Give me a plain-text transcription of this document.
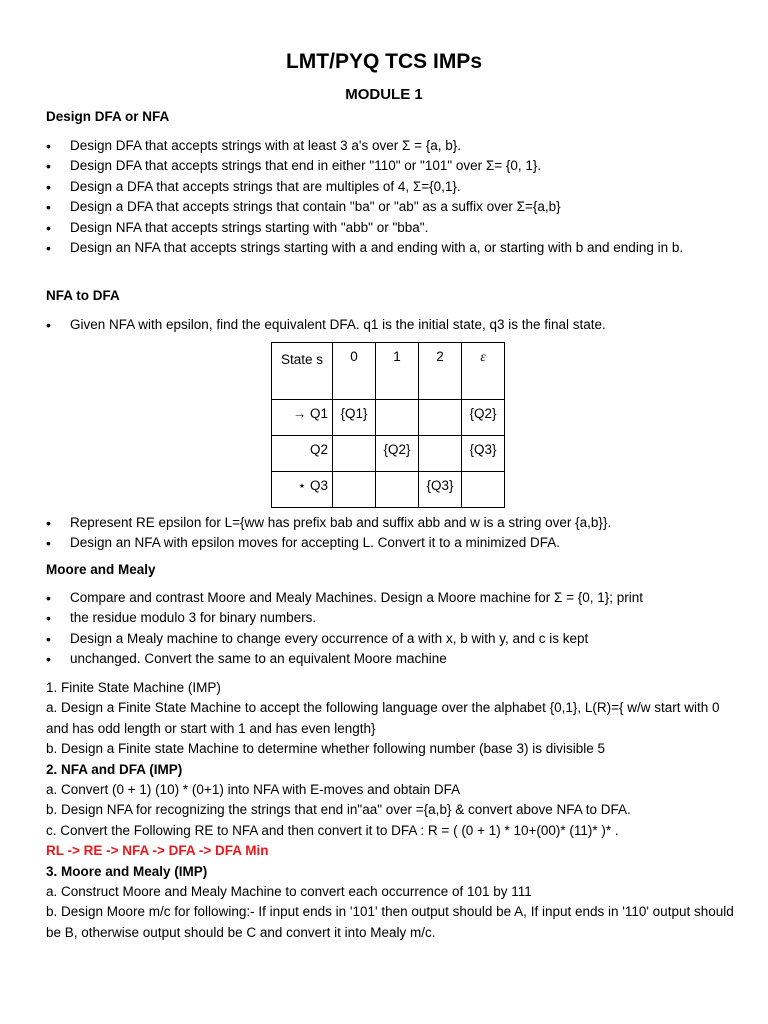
LMT/PYQ TCS IMPs
MODULE 1
Design DFA or NFA
• Design DFA that accepts strings with at least 3 a's over Σ = {a, b}.
• Design DFA that accepts strings that end in either "110" or "101" over Σ= {0, 1}.
• Design a DFA that accepts strings that are multiples of 4, Σ={0,1}.
• Design a DFA that accepts strings that contain "ba" or "ab" as a suffix over Σ={a,b}
• Design NFA that accepts strings starting with "abb" or "bba".
• Design an NFA that accepts strings starting with a and ending with a, or starting with b and ending in b.
NFA to DFA
• Given NFA with epsilon, find the equivalent DFA. q1 is the initial state, q3 is the final state.
State s	0	1	2	ε
→ Q1	{Q1}			{Q2}
Q2		{Q2}		{Q3}
⋆ Q3			{Q3}	
• Represent RE epsilon for L={ww has prefix bab and suffix abb and w is a string over {a,b}}.
• Design an NFA with epsilon moves for accepting L. Convert it to a minimized DFA.
Moore and Mealy
• Compare and contrast Moore and Mealy Machines. Design a Moore machine for Σ = {0, 1}; print
• the residue modulo 3 for binary numbers.
• Design a Mealy machine to change every occurrence of a with x, b with y, and c is kept
• unchanged. Convert the same to an equivalent Moore machine

1. Finite State Machine (IMP)

a. Design a Finite State Machine to accept the following language over the alphabet {0,1}, L(R)={ w/w start with 0 and has odd length or start with 1 and has even length}

b. Design a Finite state Machine to determine whether following number (base 3) is divisible 5

2. NFA and DFA (IMP)

a. Convert (0 + 1) (10) * (0+1) into NFA with E-moves and obtain DFA

b. Design NFA for recognizing the strings that end in"aa" over ={a,b} & convert above NFA to DFA.

c. Convert the Following RE to NFA and then convert it to DFA : R = ( (0 + 1) * 10+(00)* (11)* )* .

RL -> RE -> NFA -> DFA -> DFA Min

3. Moore and Mealy (IMP)

a. Construct Moore and Mealy Machine to convert each occurrence of 101 by 111

b. Design Moore m/c for following:- If input ends in '101' then output should be A, If input ends in '110' output should be B, otherwise output should be C and convert it into Mealy m/c.
